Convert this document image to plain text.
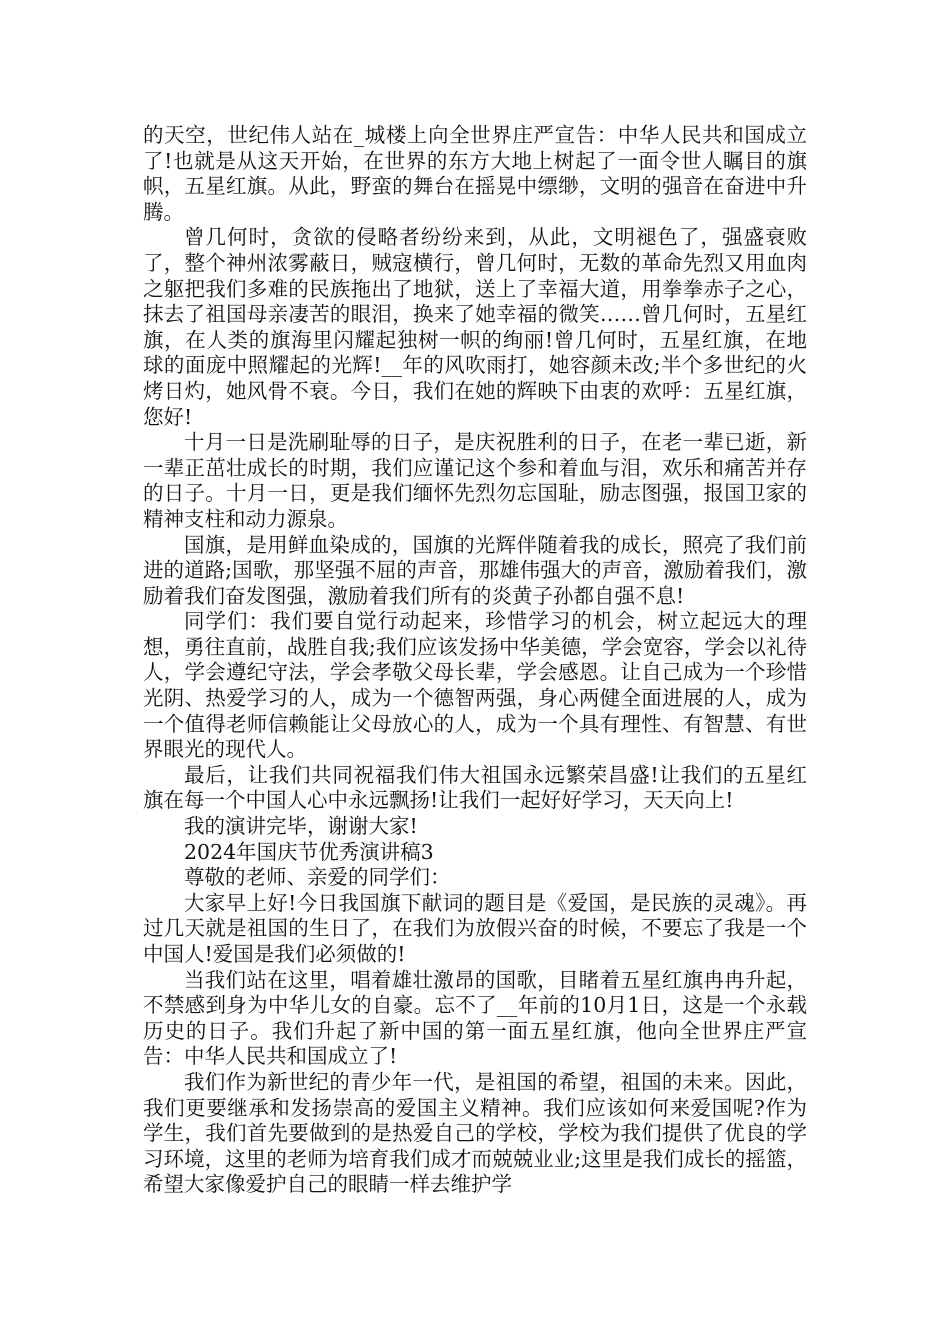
的天空，世纪伟人站在_城楼上向全世界庄严宣告：中华人民共和国成立了!也就是从这天开始，在世界的东方大地上树起了一面令世人瞩目的旗帜，五星红旗。从此，野蛮的舞台在摇晃中缥缈，文明的强音在奋进中升腾。

曾几何时，贪欲的侵略者纷纷来到，从此，文明褪色了，强盛衰败了，整个神州浓雾蔽日，贼寇横行，曾几何时，无数的革命先烈又用血肉之躯把我们多难的民族拖出了地狱，送上了幸福大道，用拳拳赤子之心，抹去了祖国母亲凄苦的眼泪，换来了她幸福的微笑……曾几何时，五星红旗，在人类的旗海里闪耀起独树一帜的绚丽!曾几何时，五星红旗，在地球的面庞中照耀起的光辉!__年的风吹雨打，她容颜未改;半个多世纪的火烤日灼，她风骨不衰。今日，我们在她的辉映下由衷的欢呼：五星红旗，您好!

十月一日是洗刷耻辱的日子，是庆祝胜利的日子，在老一辈已逝，新一辈正茁壮成长的时期，我们应谨记这个参和着血与泪，欢乐和痛苦并存的日子。十月一日，更是我们缅怀先烈勿忘国耻，励志图强，报国卫家的精神支柱和动力源泉。

国旗，是用鲜血染成的，国旗的光辉伴随着我的成长，照亮了我们前进的道路;国歌，那坚强不屈的声音，那雄伟强大的声音，激励着我们，激励着我们奋发图强，激励着我们所有的炎黄子孙都自强不息!

同学们：我们要自觉行动起来，珍惜学习的机会，树立起远大的理想，勇往直前，战胜自我;我们应该发扬中华美德，学会宽容，学会以礼待人，学会遵纪守法，学会孝敬父母长辈，学会感恩。让自己成为一个珍惜光阴、热爱学习的人，成为一个德智两强，身心两健全面进展的人，成为一个值得老师信赖能让父母放心的人，成为一个具有理性、有智慧、有世界眼光的现代人。

最后，让我们共同祝福我们伟大祖国永远繁荣昌盛!让我们的五星红旗在每一个中国人心中永远飘扬!让我们一起好好学习，天天向上!

我的演讲完毕，谢谢大家!

2024年国庆节优秀演讲稿3

尊敬的老师、亲爱的同学们：

大家早上好!今日我国旗下献词的题目是《爱国，是民族的灵魂》。再过几天就是祖国的生日了，在我们为放假兴奋的时候，不要忘了我是一个中国人!爱国是我们必须做的!

当我们站在这里，唱着雄壮激昂的国歌，目睹着五星红旗冉冉升起，不禁感到身为中华儿女的自豪。忘不了__年前的10月1日，这是一个永载历史的日子。我们升起了新中国的第一面五星红旗，他向全世界庄严宣告：中华人民共和国成立了!

我们作为新世纪的青少年一代，是祖国的希望，祖国的未来。因此，我们更要继承和发扬崇高的爱国主义精神。我们应该如何来爱国呢?作为学生，我们首先要做到的是热爱自己的学校，学校为我们提供了优良的学习环境，这里的老师为培育我们成才而兢兢业业;这里是我们成长的摇篮，希望大家像爱护自己的眼睛一样去维护学
